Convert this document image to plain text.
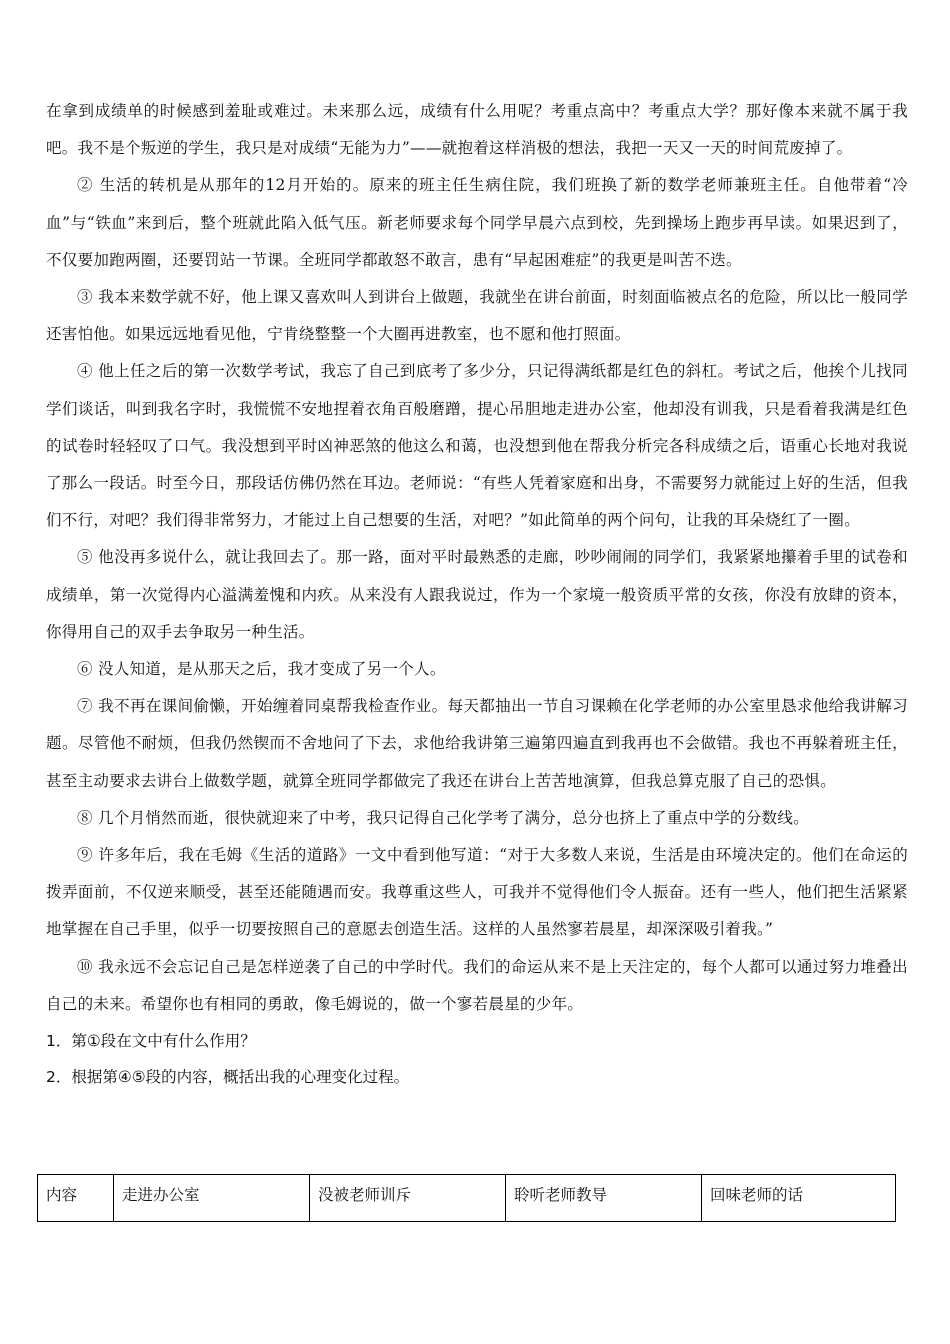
在拿到成绩单的时候感到羞耻或难过。未来那么远，成绩有什么用呢？考重点高中？考重点大学？那好像本来就不属于我吧。我不是个叛逆的学生，我只是对成绩“无能为力”——就抱着这样消极的想法，我把一天又一天的时间荒废掉了。

② 生活的转机是从那年的12月开始的。原来的班主任生病住院，我们班换了新的数学老师兼班主任。自他带着“冷血”与“铁血”来到后，整个班就此陷入低气压。新老师要求每个同学早晨六点到校，先到操场上跑步再早读。如果迟到了，不仅要加跑两圈，还要罚站一节课。全班同学都敢怒不敢言，患有“早起困难症”的我更是叫苦不迭。

③ 我本来数学就不好，他上课又喜欢叫人到讲台上做题，我就坐在讲台前面，时刻面临被点名的危险，所以比一般同学还害怕他。如果远远地看见他，宁肯绕整整一个大圈再进教室，也不愿和他打照面。

④ 他上任之后的第一次数学考试，我忘了自己到底考了多少分，只记得满纸都是红色的斜杠。考试之后，他挨个儿找同学们谈话，叫到我名字时，我慌慌不安地捏着衣角百般磨蹭，提心吊胆地走进办公室，他却没有训我，只是看着我满是红色的试卷时轻轻叹了口气。我没想到平时凶神恶煞的他这么和蔼，也没想到他在帮我分析完各科成绩之后，语重心长地对我说了那么一段话。时至今日，那段话仿佛仍然在耳边。老师说：“有些人凭着家庭和出身，不需要努力就能过上好的生活，但我们不行，对吧？我们得非常努力，才能过上自己想要的生活，对吧？”如此简单的两个问句，让我的耳朵烧红了一圈。

⑤ 他没再多说什么，就让我回去了。那一路，面对平时最熟悉的走廊，吵吵闹闹的同学们，我紧紧地攥着手里的试卷和成绩单，第一次觉得内心溢满羞愧和内疚。从来没有人跟我说过，作为一个家境一般资质平常的女孩，你没有放肆的资本，你得用自己的双手去争取另一种生活。

⑥ 没人知道，是从那天之后，我才变成了另一个人。

⑦ 我不再在课间偷懒，开始缠着同桌帮我检查作业。每天都抽出一节自习课赖在化学老师的办公室里恳求他给我讲解习题。尽管他不耐烦，但我仍然锲而不舍地问了下去，求他给我讲第三遍第四遍直到我再也不会做错。我也不再躲着班主任，甚至主动要求去讲台上做数学题，就算全班同学都做完了我还在讲台上苦苦地演算，但我总算克服了自己的恐惧。

⑧ 几个月悄然而逝，很快就迎来了中考，我只记得自己化学考了满分，总分也挤上了重点中学的分数线。

⑨ 许多年后，我在毛姆《生活的道路》一文中看到他写道：“对于大多数人来说，生活是由环境决定的。他们在命运的拨弄面前，不仅逆来顺受，甚至还能随遇而安。我尊重这些人，可我并不觉得他们令人振奋。还有一些人，他们把生活紧紧地掌握在自己手里，似乎一切要按照自己的意愿去创造生活。这样的人虽然寥若晨星，却深深吸引着我。”

⑩ 我永远不会忘记自己是怎样逆袭了自己的中学时代。我们的命运从来不是上天注定的，每个人都可以通过努力堆叠出自己的未来。希望你也有相同的勇敢，像毛姆说的，做一个寥若晨星的少年。

1．第①段在文中有什么作用？

2．根据第④⑤段的内容，概括出我的心理变化过程。

内容	走进办公室	没被老师训斥	聆听老师教导	回味老师的话
